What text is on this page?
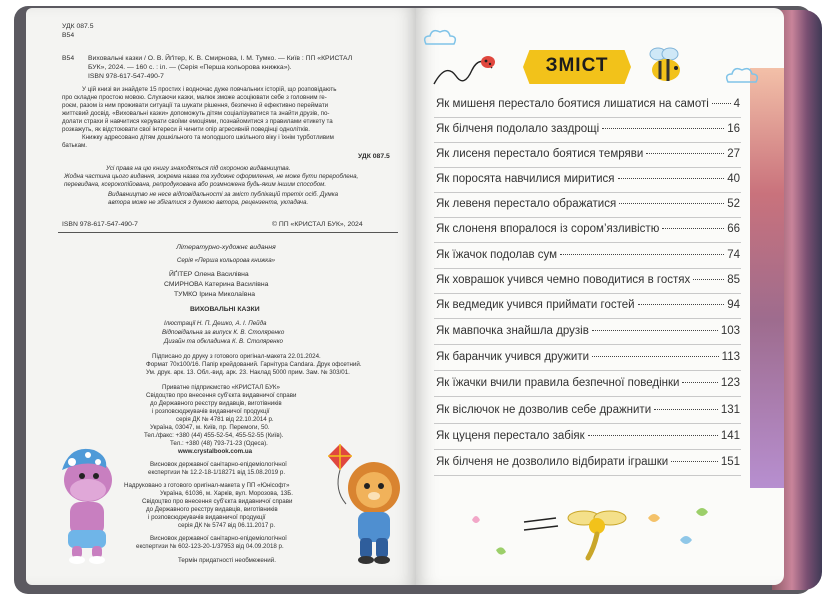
УДК 087.5
В54
В54 Виховальні казки / О. В. Йґітер, К. В. Смирнова, І. М. Тумко. — Київ : ПП «КРИСТАЛ
БУК», 2024. — 160 с. : іл. — (Серія «Перша кольорова книжка»).
ISBN 978-617-547-490-7
У цій книзі ви знайдете 15 простих і водночас дуже повчальних історій, що розповідають
про складне простою мовою. Слухаючи казки, малюк зможе асоціювати себе з головним ге-
роєм, разом із ним проживати ситуації та шукати рішення, безпечно й ефективно переймати
життєвий досвід. «Виховальні казки» допоможуть дітям соціалізуватися та знайти друзів, по-
долати страхи й навчитися керувати своїми емоціями, познайомитися з правилами етикету та
розкажуть, як відстоювати свої інтереси й чинити опір агресивній поведінці однолітків.
Книжку адресовано дітям дошкільного та молодшого шкільного віку і їхнім турботливим
батькам.
УДК 087.5
Усі права на цю книгу знаходяться під охороною видавництва.
Жодна частина цього видання, зокрема назва та художнє оформлення, не може бути перероблена,
перевидана, ксерокопійована, репродукована або розмножена будь-яким іншим способом.
Видавництво не несе відповідальності за зміст публікацій третіх осіб. Думка
автора може не збігатися з думкою автора, рецензента, укладача.
ISBN 978-617-547-490-7	© ПП «КРИСТАЛ БУК», 2024
Літературно-художнє видання
Серія «Перша кольорова книжка»
ЙҐІТЕР Олена Василівна
СМИРНОВА Катерина Василівна
ТУМКО Ірина Миколаївна
ВИХОВАЛЬНІ КАЗКИ
Ілюстрації Н. П. Дешко, А. І. Пейда
Відповідальна за випуск К. В. Столяренко
Дизайн та обкладинка К. В. Столяренко
Підписано до друку з готового оригінал-макета 22.01.2024.
Формат 70x100/16. Папір крейдований. Гарнітура Candara. Друк офсетний.
Ум. друк. арк. 13. Обл.-вид. арк. 23. Наклад 5000 прим. Зам. № 303/01.
Приватне підприємство «КРИСТАЛ БУК»
Свідоцтво про внесення суб'єкта видавничої справи
до Державного реєстру видавців, виготівників
і розповсюджувачів видавничої продукції
серія ДК № 4781 від 22.10.2014 р.
Україна, 03047, м. Київ, пр. Перемоги, 50.
Тел./факс: +380 (44) 455-52-54, 455-52-55 (Київ).
Тел.: +380 (48) 793-71-23 (Одеса).
www.crystalbook.com.ua
Висновок державної санітарно-епідеміологічної
експертизи № 12.2-18-1/18271 від 15.08.2019 р.
Надруковано з готового оригінал-макета у ПП «Юнісофт»
Україна, 61036, м. Харків, вул. Морозова, 13Б.
Свідоцтво про внесення суб'єкта видавничої справи
до Державного реєстру видавців, виготівників
і розповсюджувачів видавничої продукції
серія ДК № 5747 від 06.11.2017 р.
Висновок державної санітарно-епідеміологічної
експертизи № 602-123-20-1/37953 від 04.09.2018 р.
Термін придатності необмежений.
ЗМІСТ
Як мишеня перестало боятися лишатися на самоті 4
Як білченя подолало заздрощі	16
Як лисеня перестало боятися темряви	27
Як поросята навчилися миритися	40
Як левеня перестало ображатися	52
Як слоненя впоралося із сором’язливістю	66
Як їжачок подолав сум	74
Як ховрашок учився чемно поводитися в гостях	85
Як ведмедик учився приймати гостей	94
Як мавпочка знайшла друзів	103
Як баранчик учився дружити	113
Як їжачки вчили правила безпечної поведінки	123
Як віслючок не дозволив себе дражнити	131
Як цуценя перестало забіяк	141
Як білченя не дозволило відбирати іграшки	151
